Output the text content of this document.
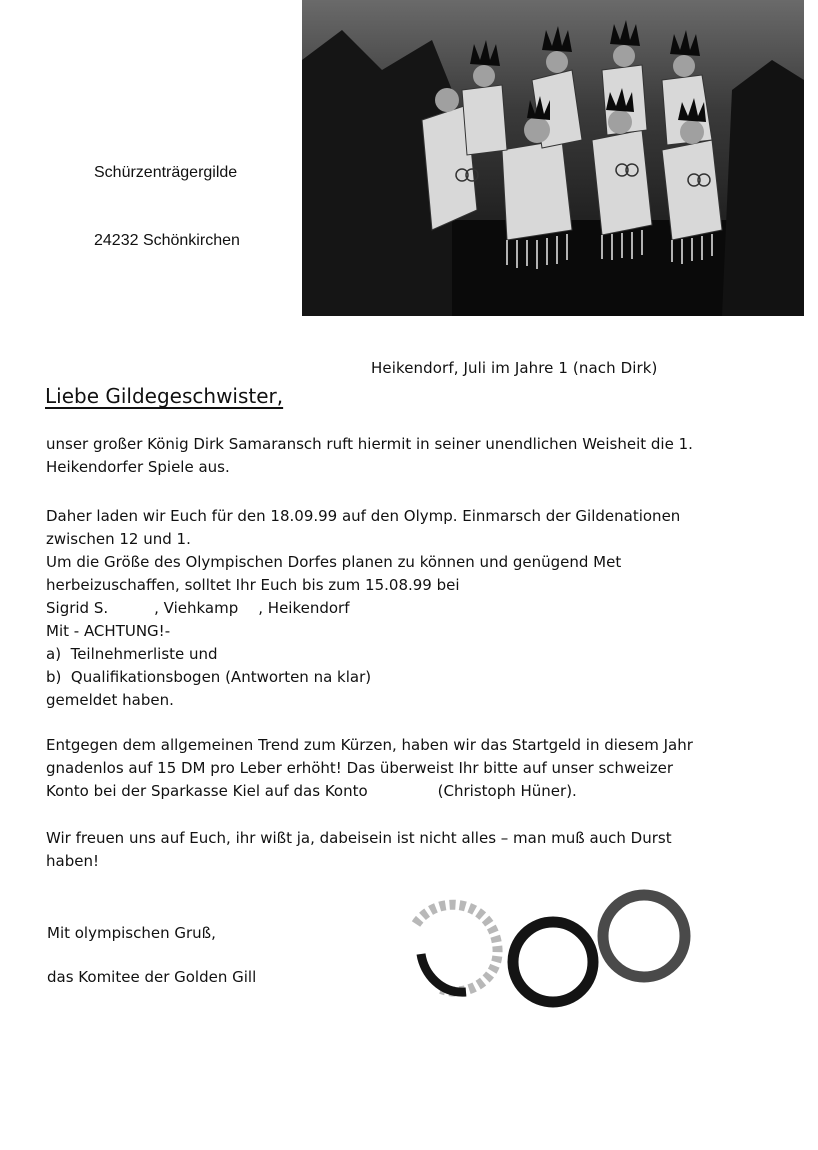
Schürzenträgergilde
24232 Schönkirchen
Heikendorf, Juli im Jahre 1 (nach Dirk)
Liebe Gildegeschwister,

unser großer König Dirk Samaransch ruft hiermit in seiner unendlichen Weisheit die 1.

Heikendorfer Spiele aus.

Daher laden wir Euch für den 18.09.99 auf den Olymp. Einmarsch der Gildenationen

zwischen 12 und 1.

Um die Größe des Olympischen Dorfes planen zu können und genügend Met

herbeizuschaffen, solltet Ihr Euch bis zum 15.08.99 bei

Sigrid S.	, Viehkamp , Heikendorf

Mit - ACHTUNG!-

a)  Teilnehmerliste und

b)  Qualifikationsbogen (Antworten na klar)

gemeldet haben.

Entgegen dem allgemeinen Trend zum Kürzen, haben wir das Startgeld in diesem Jahr

gnadenlos auf 15 DM pro Leber erhöht! Das überweist Ihr bitte auf unser schweizer

Konto bei der Sparkasse Kiel auf das Konto	(Christoph Hüner).

Wir freuen uns auf Euch, ihr wißt ja, dabeisein ist nicht alles – man muß auch Durst

haben!

Mit olympischen Gruß,
das Komitee der Golden Gill
